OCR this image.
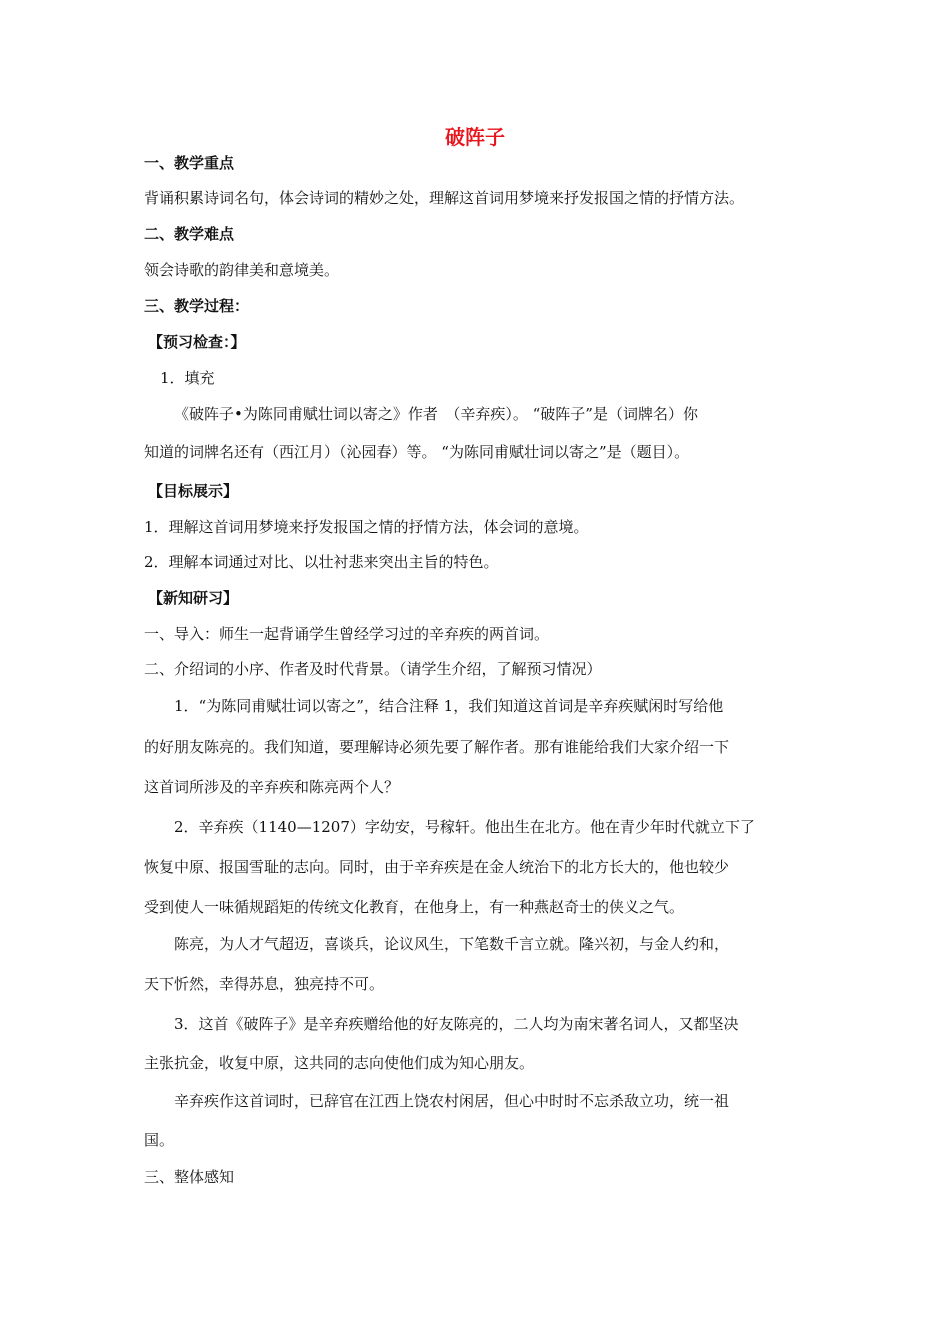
破阵子
一、教学重点
背诵积累诗词名句，体会诗词的精妙之处，理解这首词用梦境来抒发报国之情的抒情方法。
二、教学难点
领会诗歌的韵律美和意境美。
三、教学过程：
【预习检查：】
1．填充
《破阵子•为陈同甫赋壮词以寄之》作者　（辛弃疾）。 “破阵子”是（词牌名）你
知道的词牌名还有（西江月）（沁园春）等。 “为陈同甫赋壮词以寄之”是（题目）。
【目标展示】
1．理解这首词用梦境来抒发报国之情的抒情方法，体会词的意境。
2．理解本词通过对比、以壮衬悲来突出主旨的特色。
【新知研习】
一、导入：师生一起背诵学生曾经学习过的辛弃疾的两首词。
二、介绍词的小序、作者及时代背景。（请学生介绍，了解预习情况）
1．“为陈同甫赋壮词以寄之”，结合注释 1，我们知道这首词是辛弃疾赋闲时写给他
的好朋友陈亮的。我们知道，要理解诗必须先要了解作者。那有谁能给我们大家介绍一下
这首词所涉及的辛弃疾和陈亮两个人？
2．辛弃疾（1140—1207）字幼安，号稼轩。他出生在北方。他在青少年时代就立下了
恢复中原、报国雪耻的志向。同时，由于辛弃疾是在金人统治下的北方长大的，他也较少
受到使人一味循规蹈矩的传统文化教育，在他身上，有一种燕赵奇士的侠义之气。
陈亮，为人才气超迈，喜谈兵，论议风生，下笔数千言立就。隆兴初，与金人约和，
天下忻然，幸得苏息，独亮持不可。
3．这首《破阵子》是辛弃疾赠给他的好友陈亮的，二人均为南宋著名词人，又都坚决
主张抗金，收复中原，这共同的志向使他们成为知心朋友。
辛弃疾作这首词时，已辞官在江西上饶农村闲居，但心中时时不忘杀敌立功，统一祖
国。
三、整体感知
